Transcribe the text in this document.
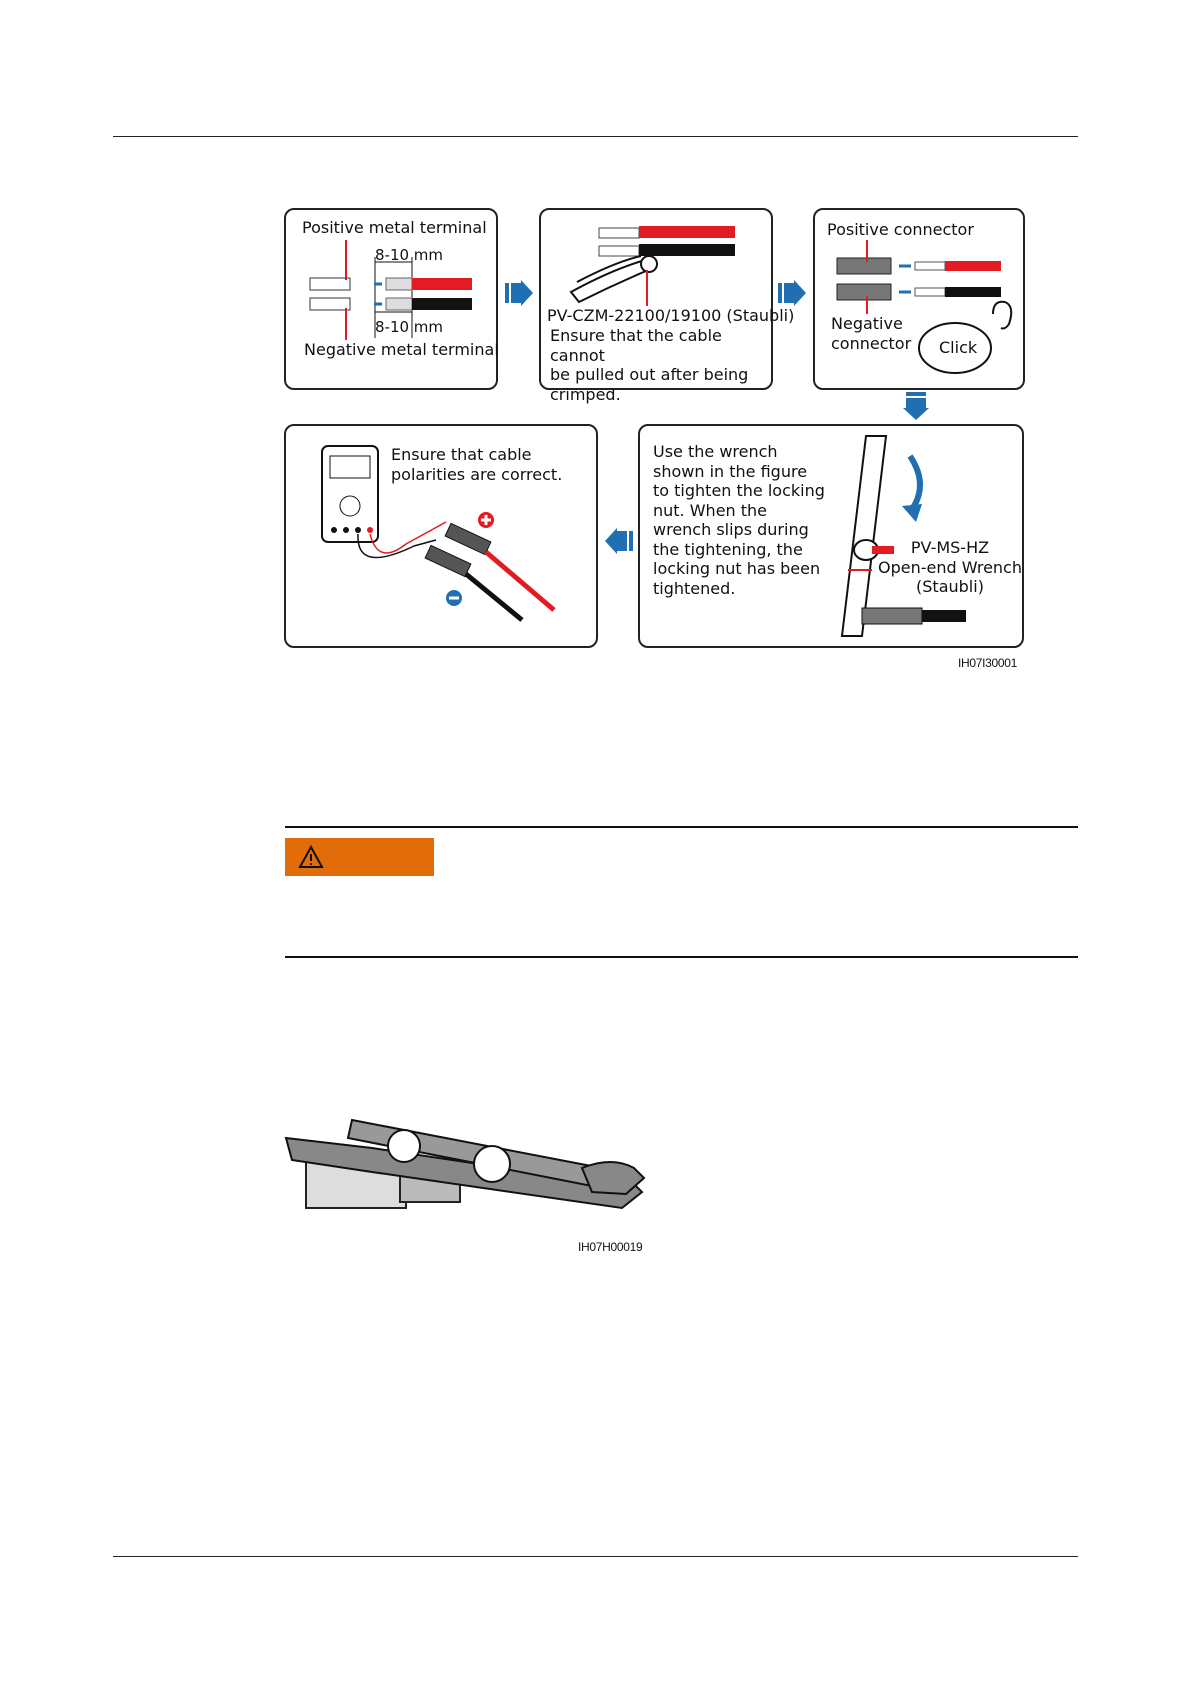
Positive metal terminal
8-10 mm
8-10 mm
Negative metal terminal
PV-CZM-22100/19100 (Staubli)
Ensure that the cable cannot
be pulled out after being
crimped.
Positive connector
Negative
connector Click
Ensure that cable
polarities are correct.
Use the wrench
shown in the figure
to tighten the locking
nut. When the
wrench slips during
the tightening, the
locking nut has been
tightened.
PV-MS-HZ
Open-end Wrench
(Staubli)
IH07I30001
IH07H00019
